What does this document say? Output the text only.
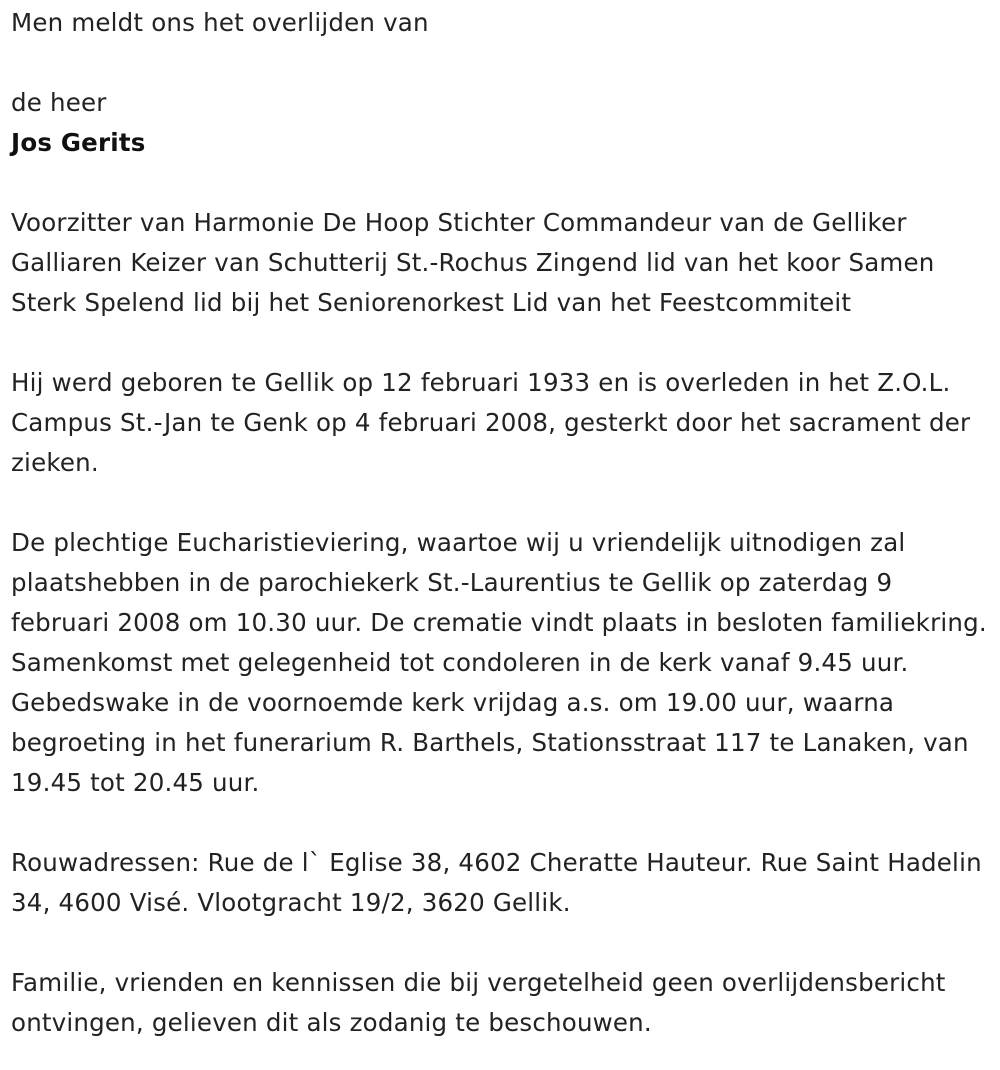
Men meldt ons het overlijden van

de heer

Jos Gerits

Voorzitter van Harmonie De Hoop Stichter Commandeur van de Gelliker Galliaren Keizer van Schutterij St.-Rochus Zingend lid van het koor Samen Sterk Spelend lid bij het Seniorenorkest Lid van het Feestcommiteit

Hij werd geboren te Gellik op 12 februari 1933 en is overleden in het Z.O.L. Campus St.-Jan te Genk op 4 februari 2008, gesterkt door het sacrament der zieken.

De plechtige Eucharistieviering, waartoe wij u vriendelijk uitnodigen zal plaatshebben in de parochiekerk St.-Laurentius te Gellik op zaterdag 9 februari 2008 om 10.30 uur. De crematie vindt plaats in besloten familiekring. Samenkomst met gelegenheid tot condoleren in de kerk vanaf 9.45 uur. Gebedswake in de voornoemde kerk vrijdag a.s. om 19.00 uur, waarna begroeting in het funerarium R. Barthels, Stationsstraat 117 te Lanaken, van 19.45 tot 20.45 uur.

Rouwadressen: Rue de l` Eglise 38, 4602 Cheratte Hauteur. Rue Saint Hadelin 34, 4600 Visé. Vlootgracht 19/2, 3620 Gellik.

Familie, vrienden en kennissen die bij vergetelheid geen overlijdensbericht ontvingen, gelieven dit als zodanig te beschouwen.
